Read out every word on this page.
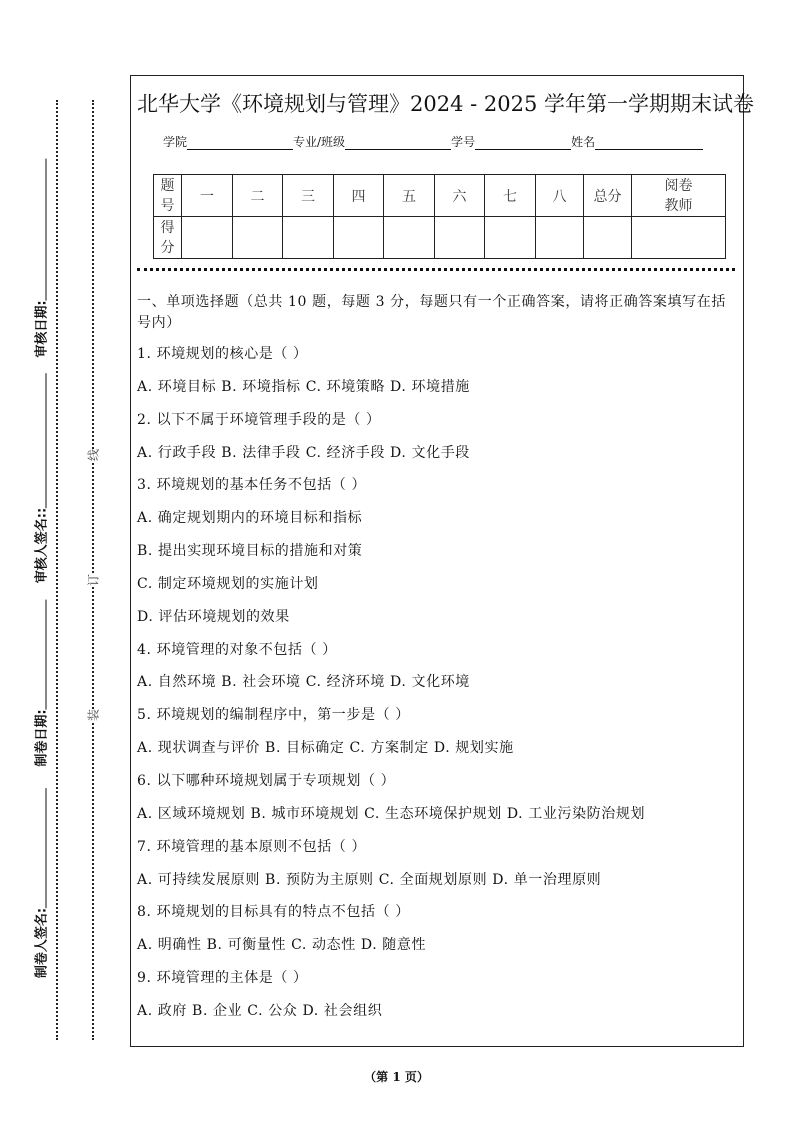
审核日期:
审核人签名::
制卷日期:
制卷人签名:
线
订
装
北华大学《环境规划与管理》2024 - 2025 学年第一学期期末试卷
学院	专业/班级	学号	姓名
题号	一	二	三	四	五	六	七	八	总分	阅卷教师
得分										
一、单项选择题（总共 10 题，每题 3 分，每题只有一个正确答案，请将正确答案填写在括号内）
1. 环境规划的核心是（ ）
A. 环境目标 B. 环境指标 C. 环境策略 D. 环境措施
2. 以下不属于环境管理手段的是（ ）
A. 行政手段 B. 法律手段 C. 经济手段 D. 文化手段
3. 环境规划的基本任务不包括（ ）
A. 确定规划期内的环境目标和指标
B. 提出实现环境目标的措施和对策
C. 制定环境规划的实施计划
D. 评估环境规划的效果
4. 环境管理的对象不包括（ ）
A. 自然环境 B. 社会环境 C. 经济环境 D. 文化环境
5. 环境规划的编制程序中，第一步是（ ）
A. 现状调查与评价 B. 目标确定 C. 方案制定 D. 规划实施
6. 以下哪种环境规划属于专项规划（ ）
A. 区域环境规划 B. 城市环境规划 C. 生态环境保护规划 D. 工业污染防治规划
7. 环境管理的基本原则不包括（ ）
A. 可持续发展原则 B. 预防为主原则 C. 全面规划原则 D. 单一治理原则
8. 环境规划的目标具有的特点不包括（ ）
A. 明确性 B. 可衡量性 C. 动态性 D. 随意性
9. 环境管理的主体是（ ）
A. 政府 B. 企业 C. 公众 D. 社会组织
（第 1 页）
